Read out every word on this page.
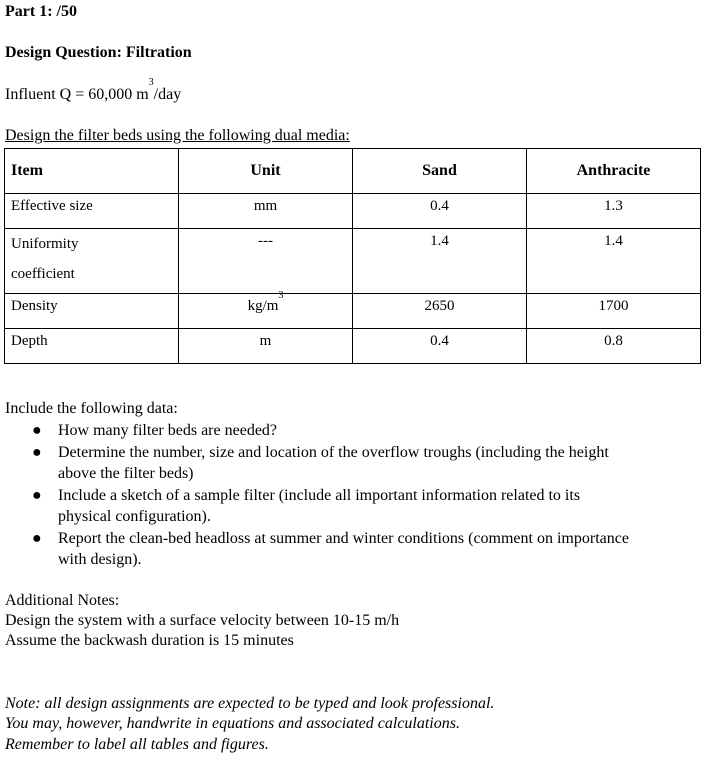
Part 1: /50
Design Question: Filtration
Influent Q = 60,000 $m^3$/day
Design the filter beds using the following dual media:
Item	Unit	Sand	Anthracite
Effective size	mm	0.4	1.3
Uniformity
coefficient	---	1.4	1.4
Density	$kg/m^3$	2650	1700
Depth	m	0.4	0.8
Include the following data:
● How many filter beds are needed?
● Determine the number, size and location of the overflow troughs (including the height
above the filter beds)
● Include a sketch of a sample filter (include all important information related to its
physical configuration).
● Report the clean-bed headloss at summer and winter conditions (comment on importance
with design).
Additional Notes:
Design the system with a surface velocity between 10-15 m/h
Assume the backwash duration is 15 minutes
Note: all design assignments are expected to be typed and look professional.
You may, however, handwrite in equations and associated calculations.
Remember to label all tables and figures.
